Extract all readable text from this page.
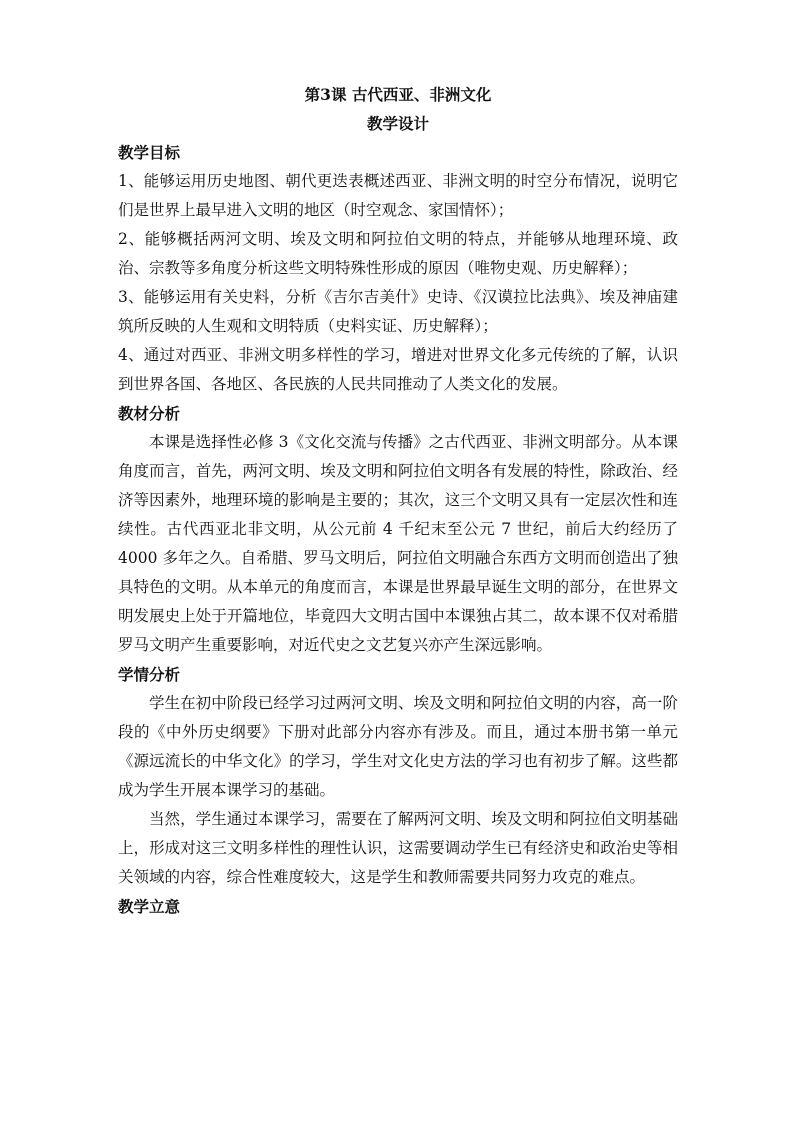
第3课 古代西亚、非洲文化

教学设计

教学目标

1、能够运用历史地图、朝代更迭表概述西亚、非洲文明的时空分布情况，说明它们是世界上最早进入文明的地区（时空观念、家国情怀）；

2、能够概括两河文明、埃及文明和阿拉伯文明的特点，并能够从地理环境、政治、宗教等多角度分析这些文明特殊性形成的原因（唯物史观、历史解释）；

3、能够运用有关史料，分析《吉尔吉美什》史诗、《汉谟拉比法典》、埃及神庙建筑所反映的人生观和文明特质（史料实证、历史解释）；

4、通过对西亚、非洲文明多样性的学习，增进对世界文化多元传统的了解，认识到世界各国、各地区、各民族的人民共同推动了人类文化的发展。

教材分析

本课是选择性必修 3《文化交流与传播》之古代西亚、非洲文明部分。从本课角度而言，首先，两河文明、埃及文明和阿拉伯文明各有发展的特性，除政治、经济等因素外，地理环境的影响是主要的；其次，这三个文明又具有一定层次性和连续性。古代西亚北非文明，从公元前 4 千纪末至公元 7 世纪，前后大约经历了 4000 多年之久。自希腊、罗马文明后，阿拉伯文明融合东西方文明而创造出了独具特色的文明。从本单元的角度而言，本课是世界最早诞生文明的部分，在世界文明发展史上处于开篇地位，毕竟四大文明古国中本课独占其二，故本课不仅对希腊罗马文明产生重要影响，对近代史之文艺复兴亦产生深远影响。

学情分析

学生在初中阶段已经学习过两河文明、埃及文明和阿拉伯文明的内容，高一阶段的《中外历史纲要》下册对此部分内容亦有涉及。而且，通过本册书第一单元《源远流长的中华文化》的学习，学生对文化史方法的学习也有初步了解。这些都成为学生开展本课学习的基础。

当然，学生通过本课学习，需要在了解两河文明、埃及文明和阿拉伯文明基础上，形成对这三文明多样性的理性认识，这需要调动学生已有经济史和政治史等相关领域的内容，综合性难度较大，这是学生和教师需要共同努力攻克的难点。

教学立意
